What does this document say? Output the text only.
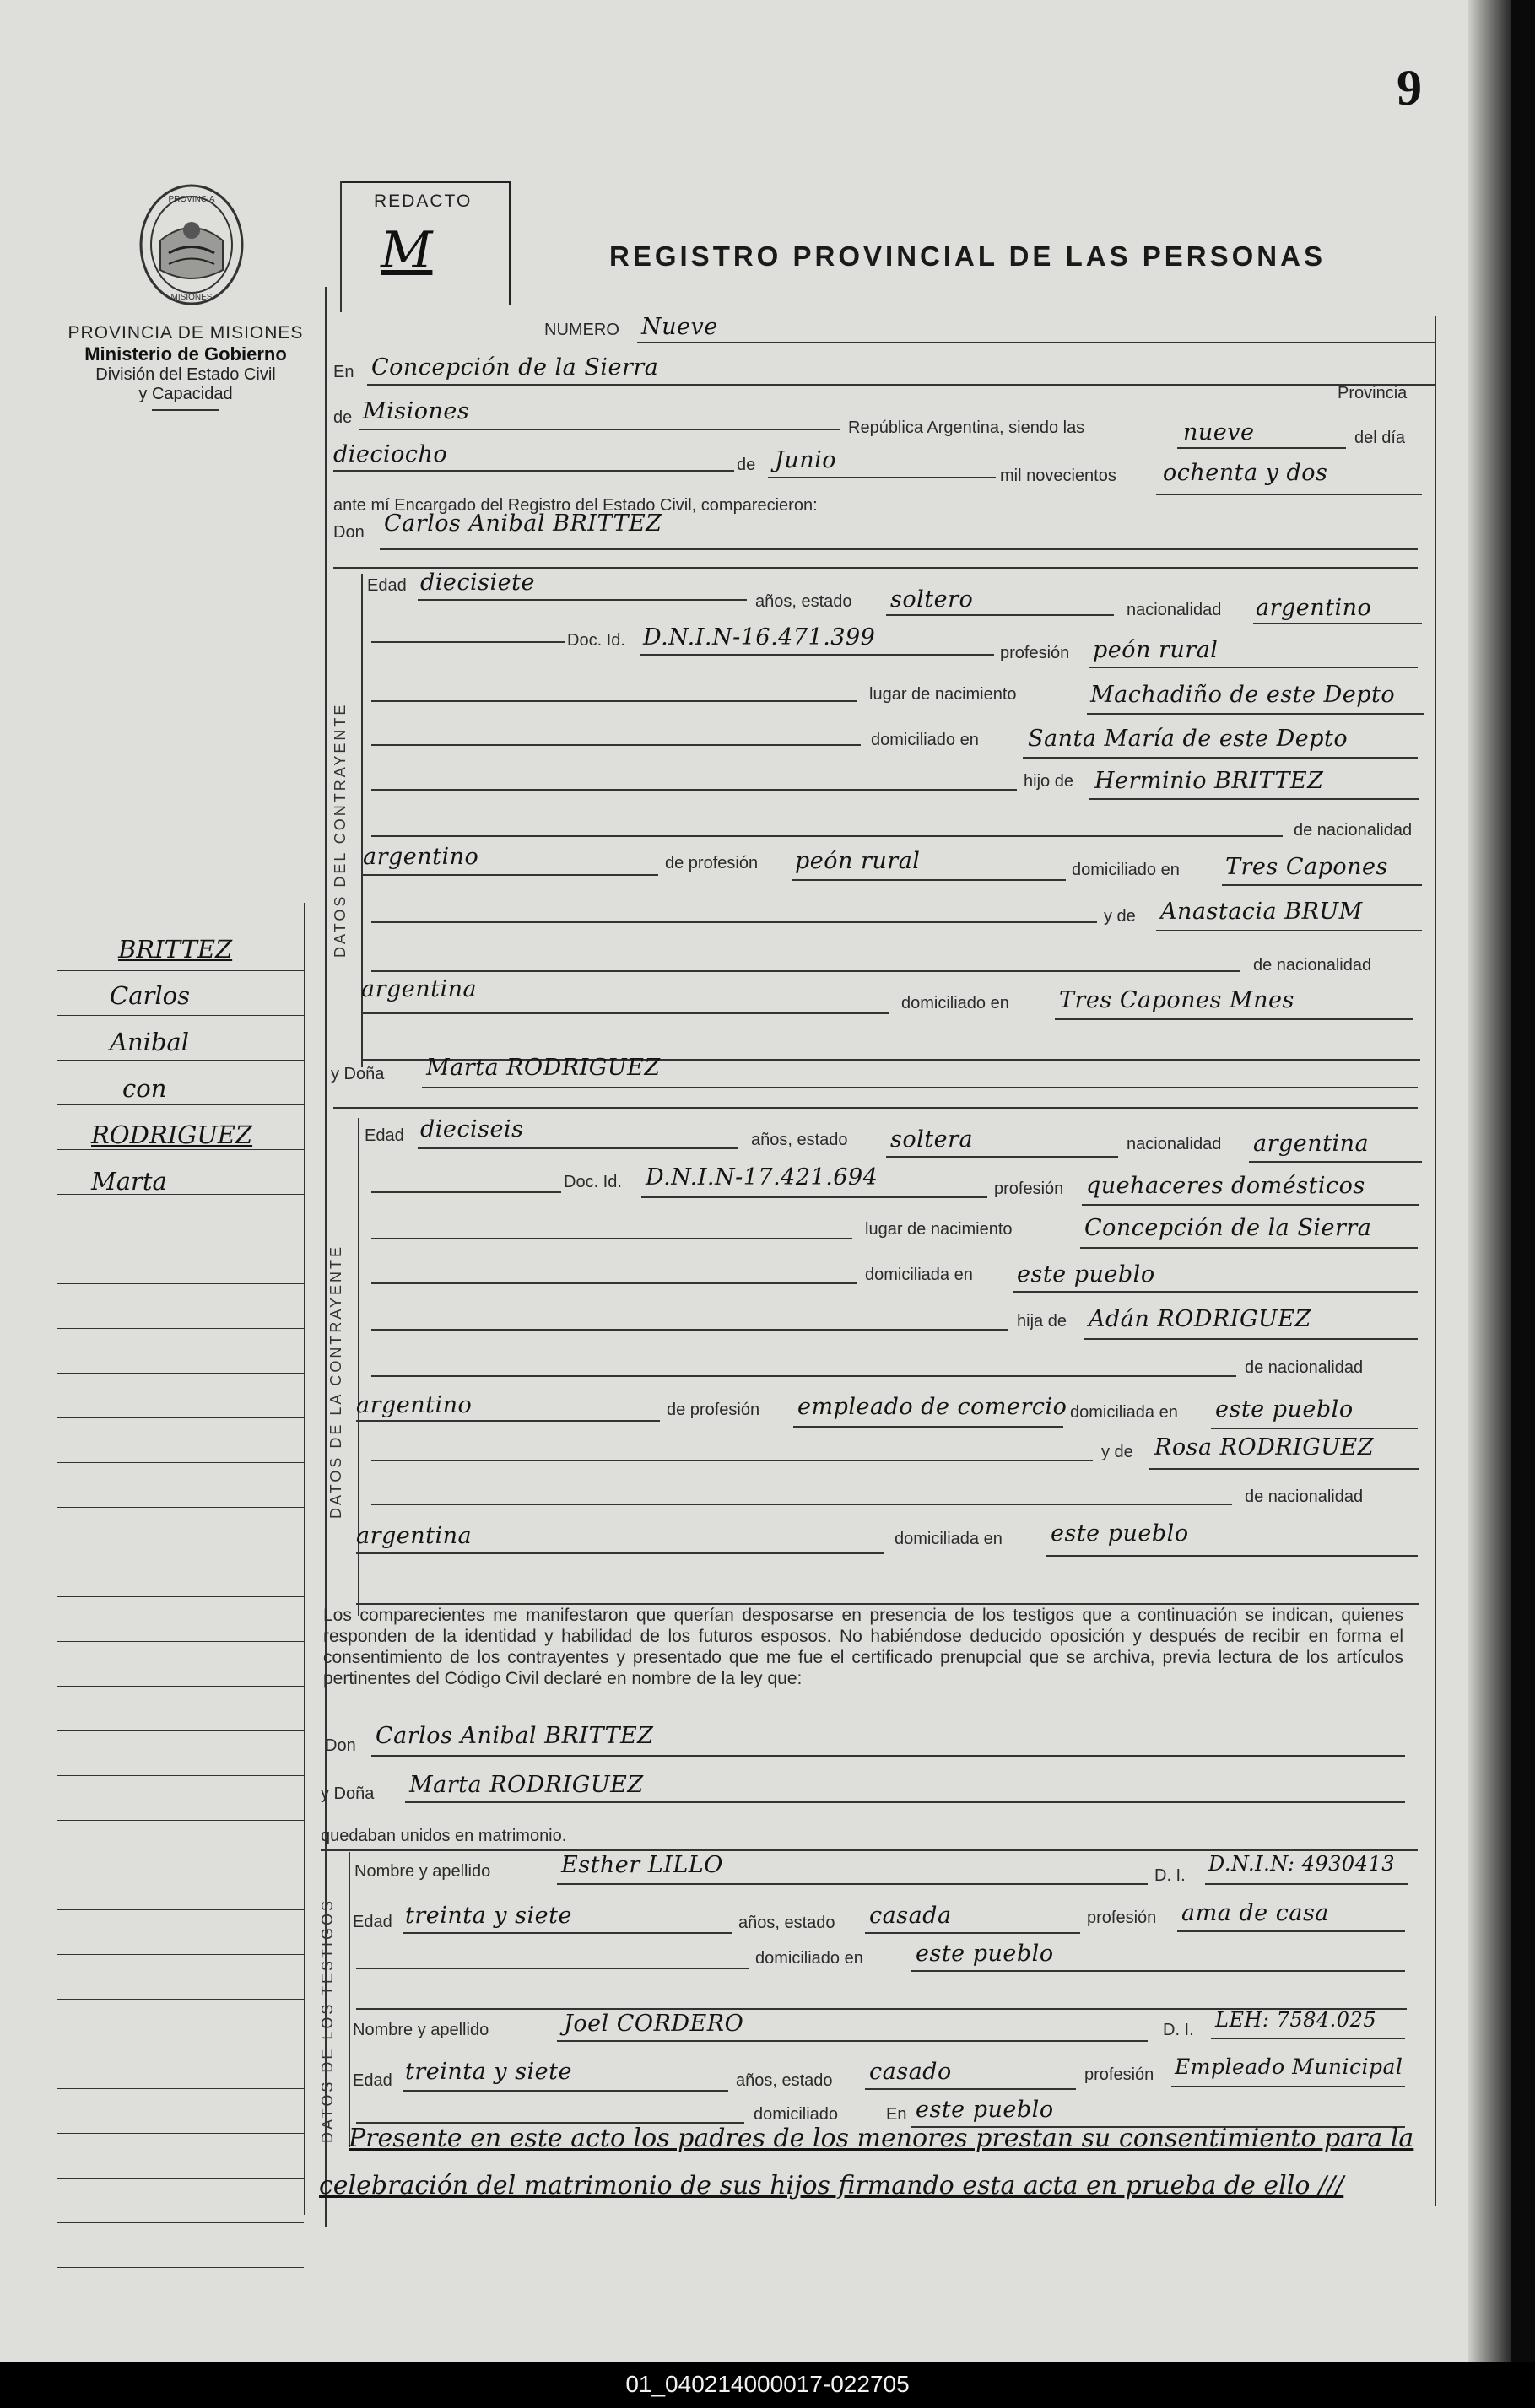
9
PROVINCIA
MISIONES
PROVINCIA DE MISIONES
Ministerio de Gobierno
División del Estado Civil
y Capacidad
BRITTEZ
Carlos
Anibal
con
RODRIGUEZ
Marta
REDACTO
M	REGISTRO PROVINCIAL DE LAS PERSONAS
NUMERO Nueve
En Concepción de la Sierra
de Misiones
República Argentina, siendo las
Provincia
nueve	del día
dieciocho	de Junio
mil novecientos ochenta y dos
ante mí Encargado del Registro del Estado Civil, comparecieron:
Don Carlos Anibal BRITTEZ
DATOS DEL CONTRAYENTE
Edad diecisiete
años, estado soltero	nacionalidad argentino
Doc. Id. D.N.I.N-16.471.399
profesión peón rural
lugar de nacimiento	Machadiño de este Depto
domiciliado en Santa María de este Depto
hijo de Herminio BRITTEZ
de nacionalidad
argentino	de profesión peón rural	domiciliado en Tres Capones
y de Anastacia BRUM
de nacionalidad
argentina
domiciliado en Tres Capones Mnes
y Doña Marta RODRIGUEZ
DATOS DE LA CONTRAYENTE
Edad dieciseis	años, estado soltera	nacionalidad argentina
Doc. Id. D.N.I.N-17.421.694	profesión quehaceres domésticos
lugar de nacimiento	Concepción de la Sierra
domiciliada en este pueblo
hija de Adán RODRIGUEZ
de nacionalidad
argentino	de profesión empleado de comercio domiciliada en este pueblo
y de Rosa RODRIGUEZ
de nacionalidad
argentina	domiciliada en este pueblo
Los comparecientes me manifestaron que querían desposarse en presencia de los testigos que a continuación se indican, quienes responden de la identidad y habilidad de los futuros esposos. No habiéndose deducido oposición y después de recibir en forma el consentimiento de los contrayentes y presentado que me fue el certificado prenupcial que se archiva, previa lectura de los artículos pertinentes del Código Civil declaré en nombre de la ley que:
Don Carlos Anibal BRITTEZ
y Doña Marta RODRIGUEZ
quedaban unidos en matrimonio.
DATOS DE LOS TESTIGOS
Nombre y apellido	Esther LILLO	D. I. D.N.I.N: 4930413
Edad treinta y siete	años, estado casada	profesión ama de casa
domiciliado en este pueblo
Nombre y apellido	Joel CORDERO	D. I. LEH: 7584.025
Edad treinta y siete	años, estado casado	profesión Empleado Municipal
domiciliado	En este pueblo
Presente en este acto los padres de los menores prestan su consentimiento para la
celebración del matrimonio de sus hijos firmando esta acta en prueba de ello ///
01_040214000017-022705
